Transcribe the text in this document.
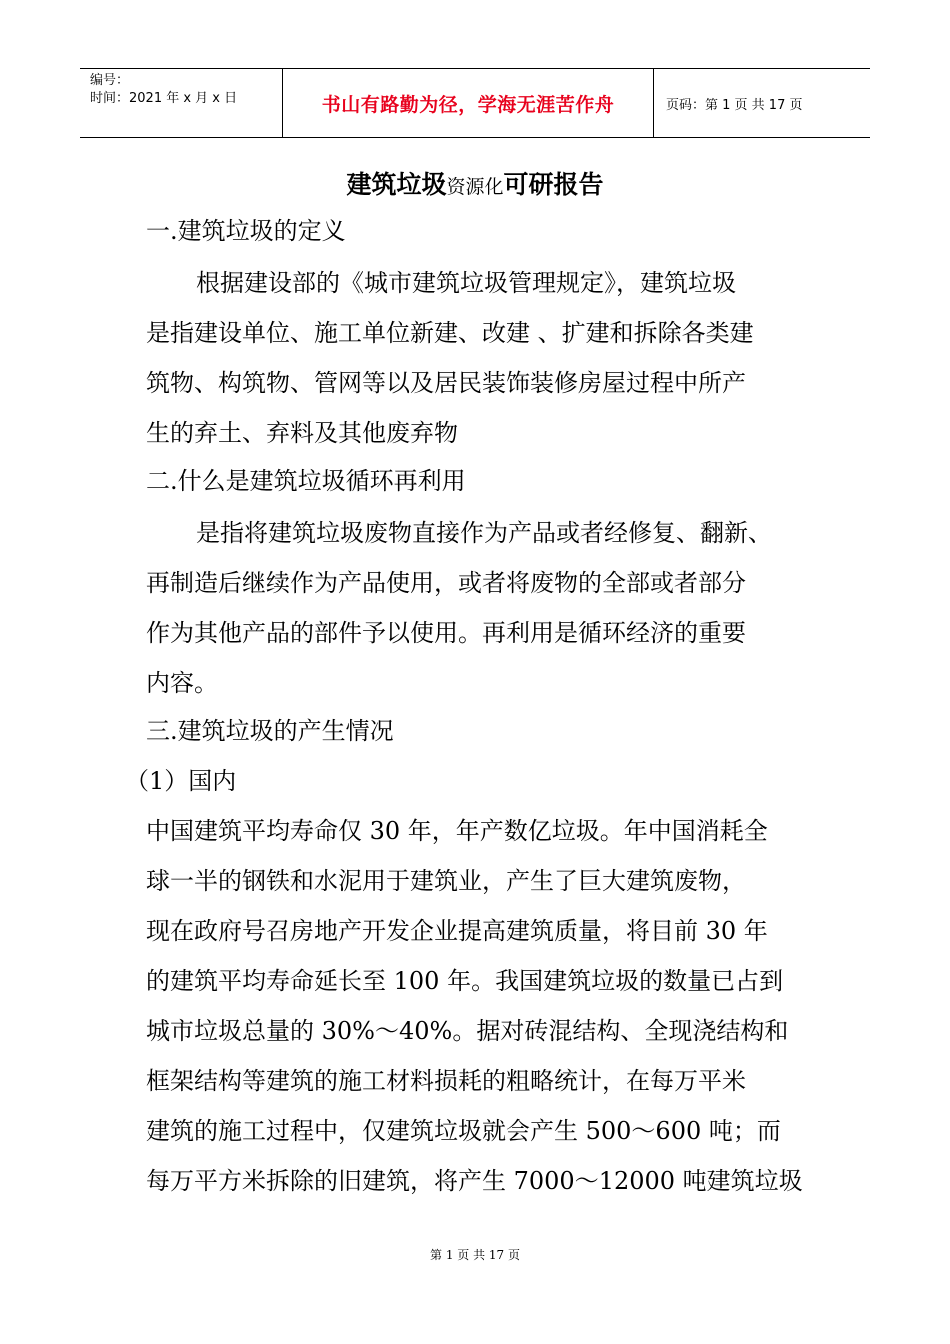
编号：
时间：2021 年 x 月 x 日	书山有路勤为径，学海无涯苦作舟	页码：第 1 页 共 17 页
建筑垃圾资源化可研报告
一.建筑垃圾的定义
根据建设部的《城市建筑垃圾管理规定》，建筑垃圾
是指建设单位、施工单位新建、改建 、扩建和拆除各类建
筑物、构筑物、管网等以及居民装饰装修房屋过程中所产
生的弃土、弃料及其他废弃物
二.什么是建筑垃圾循环再利用
是指将建筑垃圾废物直接作为产品或者经修复、翻新、
再制造后继续作为产品使用，或者将废物的全部或者部分
作为其他产品的部件予以使用。再利用是循环经济的重要
内容。
三.建筑垃圾的产生情况
（1）国内
中国建筑平均寿命仅 30 年，年产数亿垃圾。年中国消耗全
球一半的钢铁和水泥用于建筑业，产生了巨大建筑废物，
现在政府号召房地产开发企业提高建筑质量，将目前 30 年
的建筑平均寿命延长至 100 年。我国建筑垃圾的数量已占到
城市垃圾总量的 30%～40%。据对砖混结构、全现浇结构和
框架结构等建筑的施工材料损耗的粗略统计，在每万平米
建筑的施工过程中，仅建筑垃圾就会产生 500～600 吨；而
每万平方米拆除的旧建筑，将产生 7000～12000 吨建筑垃圾
第 1 页 共 17 页
